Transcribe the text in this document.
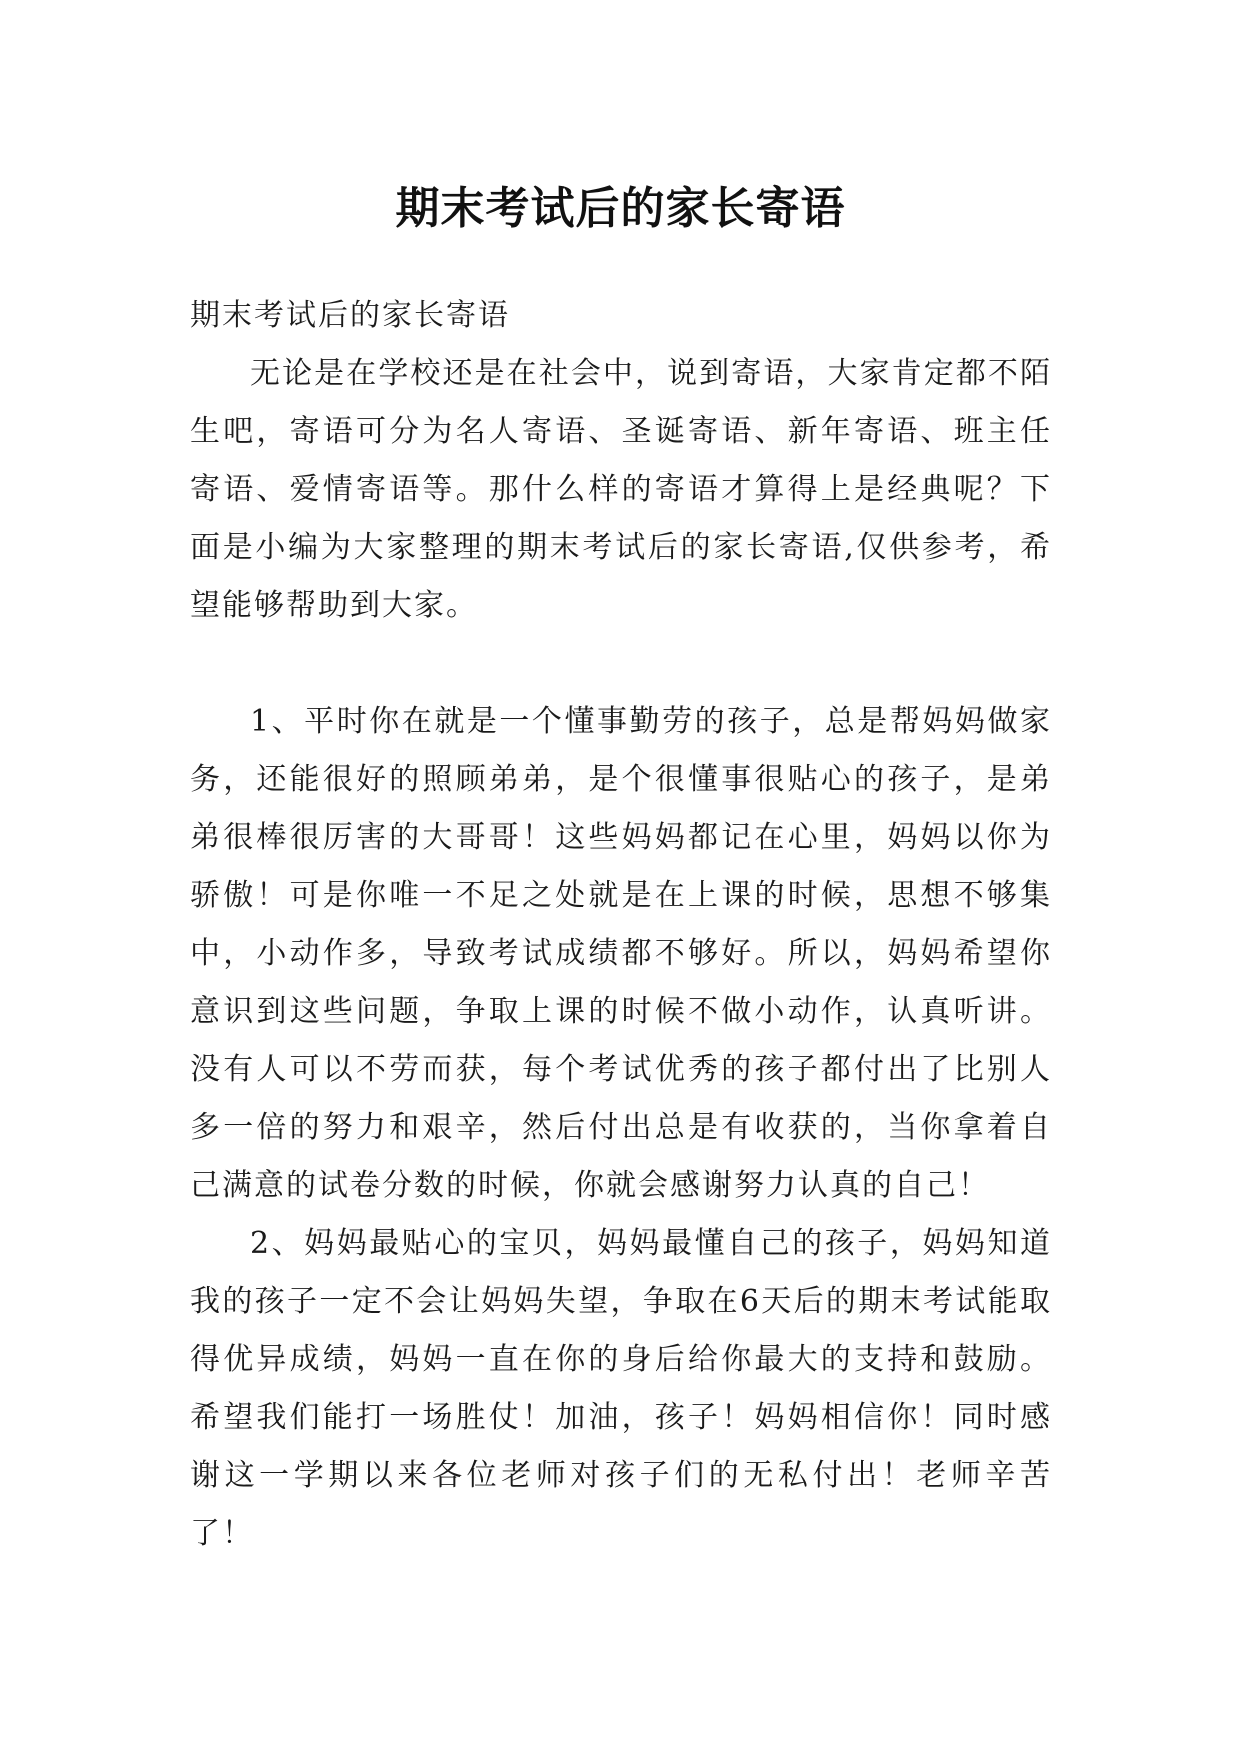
期末考试后的家长寄语

期末考试后的家长寄语

无论是在学校还是在社会中，说到寄语，大家肯定都不陌生吧，寄语可分为名人寄语、圣诞寄语、新年寄语、班主任寄语、爱情寄语等。那什么样的寄语才算得上是经典呢？下面是小编为大家整理的期末考试后的家长寄语,仅供参考，希望能够帮助到大家。

1、平时你在就是一个懂事勤劳的孩子，总是帮妈妈做家务，还能很好的照顾弟弟，是个很懂事很贴心的孩子，是弟弟很棒很厉害的大哥哥！这些妈妈都记在心里，妈妈以你为骄傲！可是你唯一不足之处就是在上课的时候，思想不够集中，小动作多，导致考试成绩都不够好。所以，妈妈希望你意识到这些问题，争取上课的时候不做小动作，认真听讲。没有人可以不劳而获，每个考试优秀的孩子都付出了比别人多一倍的努力和艰辛，然后付出总是有收获的，当你拿着自己满意的试卷分数的时候，你就会感谢努力认真的自己！

2、妈妈最贴心的宝贝，妈妈最懂自己的孩子，妈妈知道我的孩子一定不会让妈妈失望，争取在6天后的期末考试能取得优异成绩，妈妈一直在你的身后给你最大的支持和鼓励。希望我们能打一场胜仗！加油，孩子！妈妈相信你！同时感谢这一学期以来各位老师对孩子们的无私付出！老师辛苦了！
